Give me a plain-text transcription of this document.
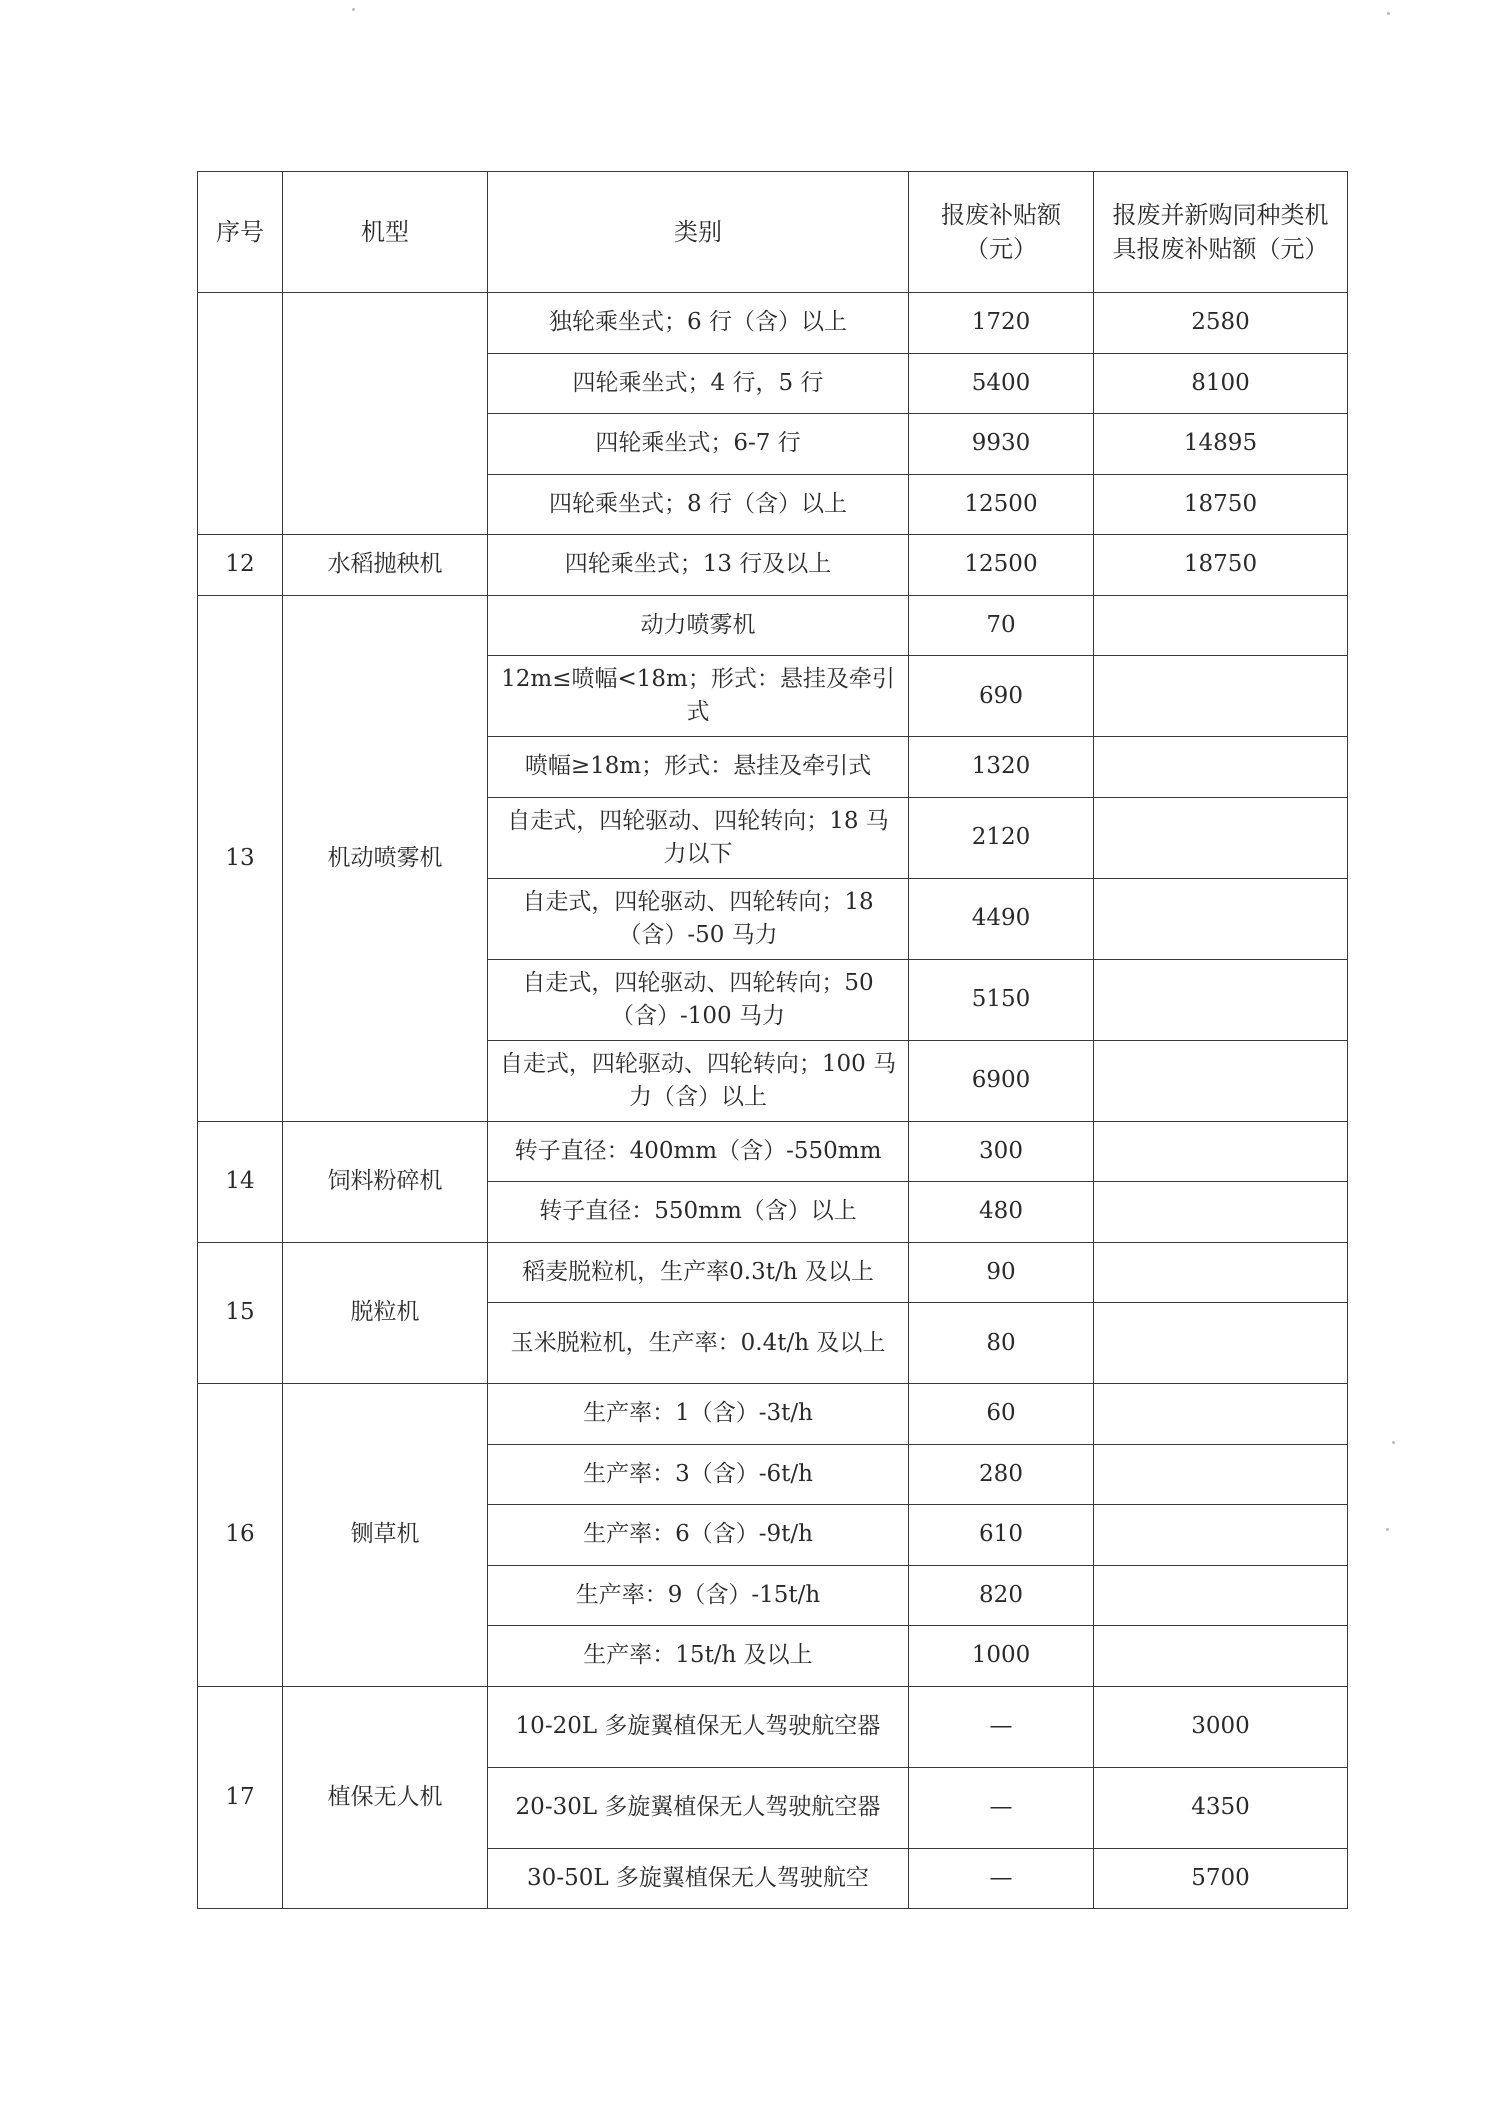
序号	机型	类别	报废补贴额（元）	报废并新购同种类机具报废补贴额（元）
		独轮乘坐式；6 行（含）以上	1720	2580
		四轮乘坐式；4 行，5 行	5400	8100
		四轮乘坐式；6-7 行	9930	14895
		四轮乘坐式；8 行（含）以上	12500	18750
12	水稻抛秧机	四轮乘坐式；13 行及以上	12500	18750
13	机动喷雾机	动力喷雾机	70	
		12m≤喷幅<18m；形式：悬挂及牵引式	690	
		喷幅≥18m；形式：悬挂及牵引式	1320	
		自走式，四轮驱动、四轮转向；18 马力以下	2120	
		自走式，四轮驱动、四轮转向；18（含）-50 马力	4490	
		自走式，四轮驱动、四轮转向；50（含）-100 马力	5150	
		自走式，四轮驱动、四轮转向；100 马力（含）以上	6900	
14	饲料粉碎机	转子直径：400mm（含）-550mm	300	
		转子直径：550mm（含）以上	480	
15	脱粒机	稻麦脱粒机，生产率0.3t/h 及以上	90	
		玉米脱粒机，生产率：0.4t/h 及以上	80	
16	铡草机	生产率：1（含）-3t/h	60	
		生产率：3（含）-6t/h	280	
		生产率：6（含）-9t/h	610	
		生产率：9（含）-15t/h	820	
		生产率：15t/h 及以上	1000	
17	植保无人机	10-20L 多旋翼植保无人驾驶航空器	—	3000
		20-30L 多旋翼植保无人驾驶航空器	—	4350
		30-50L 多旋翼植保无人驾驶航空	—	5700
